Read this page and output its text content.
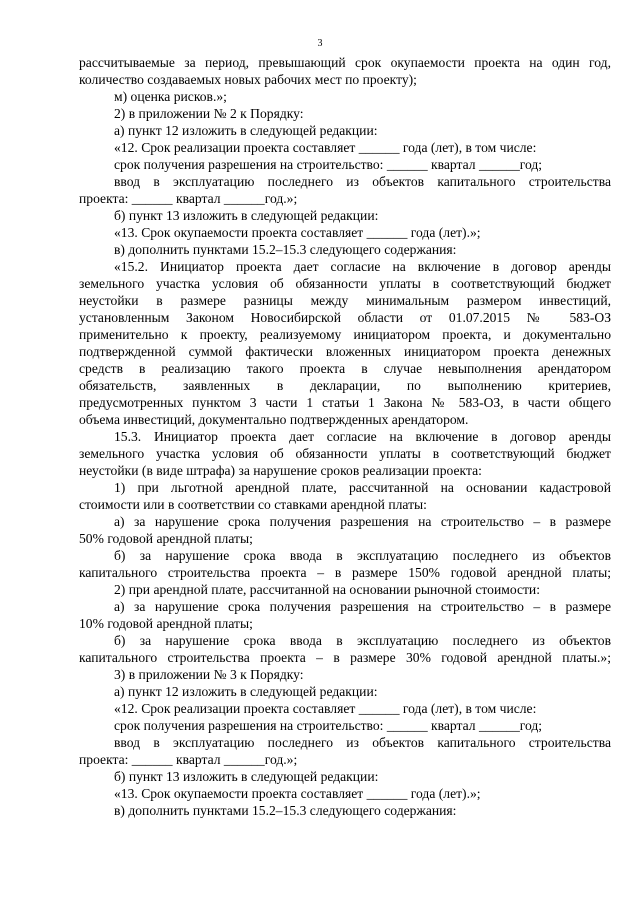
3

рассчитываемые за период, превышающий срок окупаемости проекта на один год,

количество создаваемых новых рабочих мест по проекту);

м) оценка рисков.»;

2) в приложении № 2 к Порядку:

а) пункт 12 изложить в следующей редакции:

«12. Срок реализации проекта составляет ______ года (лет), в том числе:

срок получения разрешения на строительство: ______ квартал ______год;

ввод в эксплуатацию последнего из объектов капитального строительства

проекта: ______ квартал ______год.»;

б) пункт 13 изложить в следующей редакции:

«13. Срок окупаемости проекта составляет ______ года (лет).»;

в) дополнить пунктами 15.2–15.3 следующего содержания:

«15.2. Инициатор проекта дает согласие на включение в договор аренды

земельного участка условия об обязанности уплаты в соответствующий бюджет

неустойки в размере разницы между минимальным размером инвестиций,

установленным Законом Новосибирской области от 01.07.2015 № 583-ОЗ

применительно к проекту, реализуемому инициатором проекта, и документально

подтвержденной суммой фактически вложенных инициатором проекта денежных

средств в реализацию такого проекта в случае невыполнения арендатором

обязательств, заявленных в декларации, по выполнению критериев,

предусмотренных пунктом 3 части 1 статьи 1 Закона № 583-ОЗ, в части общего

объема инвестиций, документально подтвержденных арендатором.

15.3. Инициатор проекта дает согласие на включение в договор аренды

земельного участка условия об обязанности уплаты в соответствующий бюджет

неустойки (в виде штрафа) за нарушение сроков реализации проекта:

1) при льготной арендной плате, рассчитанной на основании кадастровой

стоимости или в соответствии со ставками арендной платы:

а) за нарушение срока получения разрешения на строительство – в размере

50% годовой арендной платы;

б) за нарушение срока ввода в эксплуатацию последнего из объектов

капитального строительства проекта – в размере 150% годовой арендной платы;

2) при арендной плате, рассчитанной на основании рыночной стоимости:

а) за нарушение срока получения разрешения на строительство – в размере

10% годовой арендной платы;

б) за нарушение срока ввода в эксплуатацию последнего из объектов

капитального строительства проекта – в размере 30% годовой арендной платы.»;

3) в приложении № 3 к Порядку:

а) пункт 12 изложить в следующей редакции:

«12. Срок реализации проекта составляет ______ года (лет), в том числе:

срок получения разрешения на строительство: ______ квартал ______год;

ввод в эксплуатацию последнего из объектов капитального строительства

проекта: ______ квартал ______год.»;

б) пункт 13 изложить в следующей редакции:

«13. Срок окупаемости проекта составляет ______ года (лет).»;

в) дополнить пунктами 15.2–15.3 следующего содержания:
